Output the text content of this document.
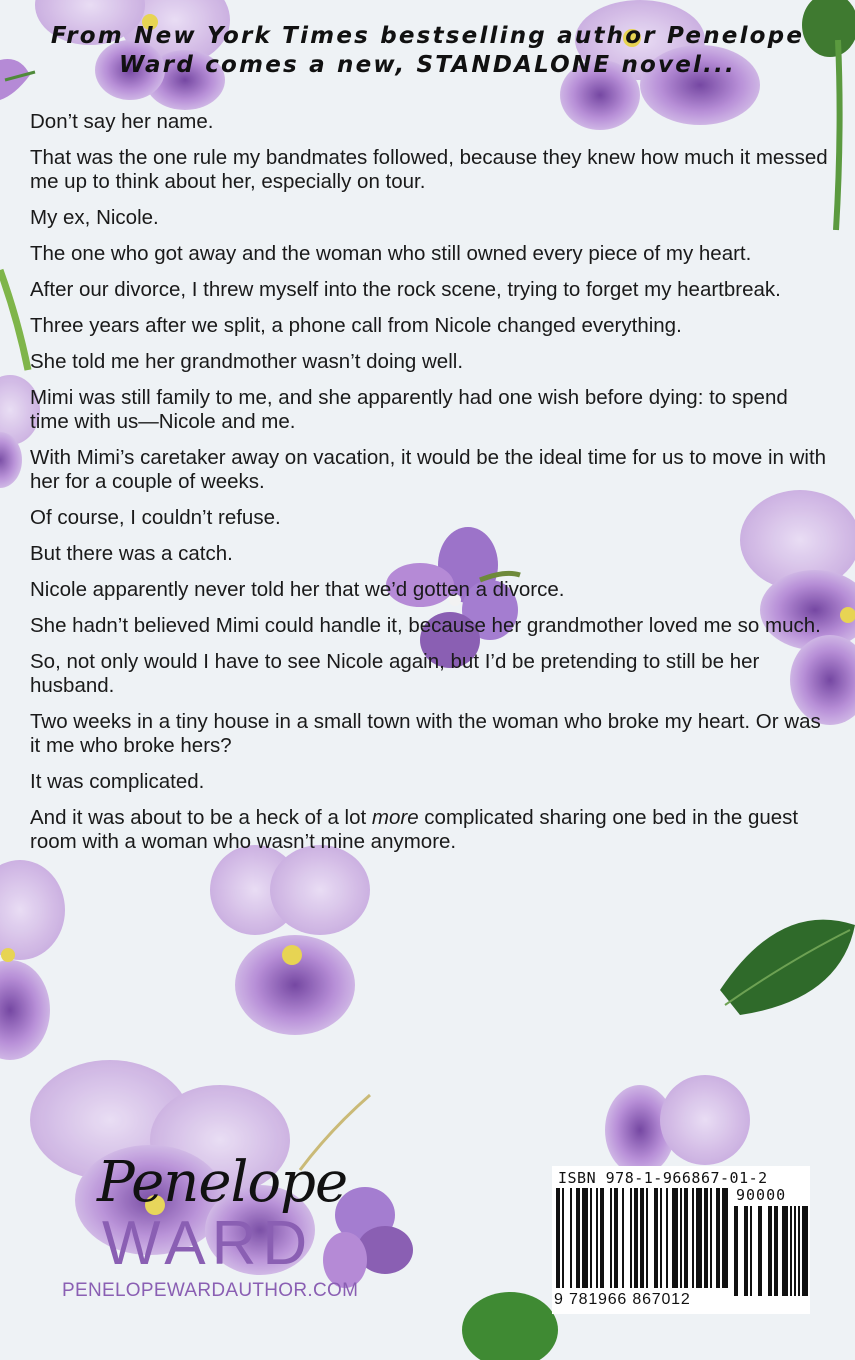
From New York Times bestselling author Penelope Ward comes a new, STANDALONE novel...

Don’t say her name.

That was the one rule my bandmates followed, because they knew how much it messed me up to think about her, especially on tour.

My ex, Nicole.

The one who got away and the woman who still owned every piece of my heart.

After our divorce, I threw myself into the rock scene, trying to forget my heartbreak.

Three years after we split, a phone call from Nicole changed everything.

She told me her grandmother wasn’t doing well.

Mimi was still family to me, and she apparently had one wish before dying: to spend time with us—Nicole and me.

With Mimi’s caretaker away on vacation, it would be the ideal time for us to move in with her for a couple of weeks.

Of course, I couldn’t refuse.

But there was a catch.

Nicole apparently never told her that we’d gotten a divorce.

She hadn’t believed Mimi could handle it, because her grandmother loved me so much.

So, not only would I have to see Nicole again, but I’d be pretending to still be her husband.

Two weeks in a tiny house in a small town with the woman who broke my heart. Or was it me who broke hers?

It was complicated.

And it was about to be a heck of a lot more complicated sharing one bed in the guest room with a woman who wasn’t mine anymore.

Penelope
WARD
PENELOPEWARDAUTHOR.COM
ISBN 978-1-966867-01-2
90000
9 781966 867012
